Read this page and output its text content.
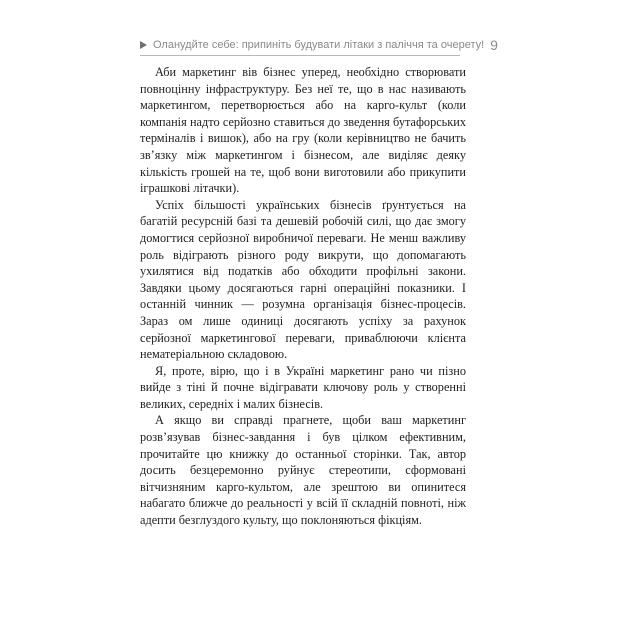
Оланудйте себе: припиніть будувати літаки з паліччя та очерету! 9

Аби маркетинг вів бізнес уперед, необхідно створювати повноцінну інфраструктуру. Без неї те, що в нас називають маркетингом, перетворюється або на карго-культ (коли компанія надто серйозно ставиться до зведення бутафорських терміналів і вишок), або на гру (коли керівництво не бачить зв’язку між маркетингом і бізнесом, але виділяє деяку кількість грошей на те, щоб вони виготовили або прикупити іграшкові літачки).

Успіх більшості українських бізнесів ґрунтується на багатій ресурсній базі та дешевій робочій силі, що дає змогу домогтися серйозної виробничої переваги. Не менш важливу роль відіграють різного роду викрути, що допомагають ухилятися від податків або обходити профільні закони. Завдяки цьому досягаються гарні операційні показники. І останній чинник — розумна організація бізнес-процесів. Зараз ом лише одиниці досягають успіху за рахунок серйозної маркетингової переваги, приваблюючи клієнта нематеріальною складовою.

Я, проте, вірю, що і в Україні маркетинг рано чи пізно вийде з тіні й почне відігравати ключову роль у створенні великих, середніх і малих бізнесів.

А якщо ви справді прагнете, щоби ваш маркетинг розв’язував бізнес-завдання і був цілком ефективним, прочитайте цю книжку до останньої сторінки. Так, автор досить безцеремонно руйнує стереотипи, сформовані вітчизняним карго-культом, але зрештою ви опинитеся набагато ближче до реальності у всій її складній повноті, ніж адепти безглуздого культу, що поклоняються фікціям.
